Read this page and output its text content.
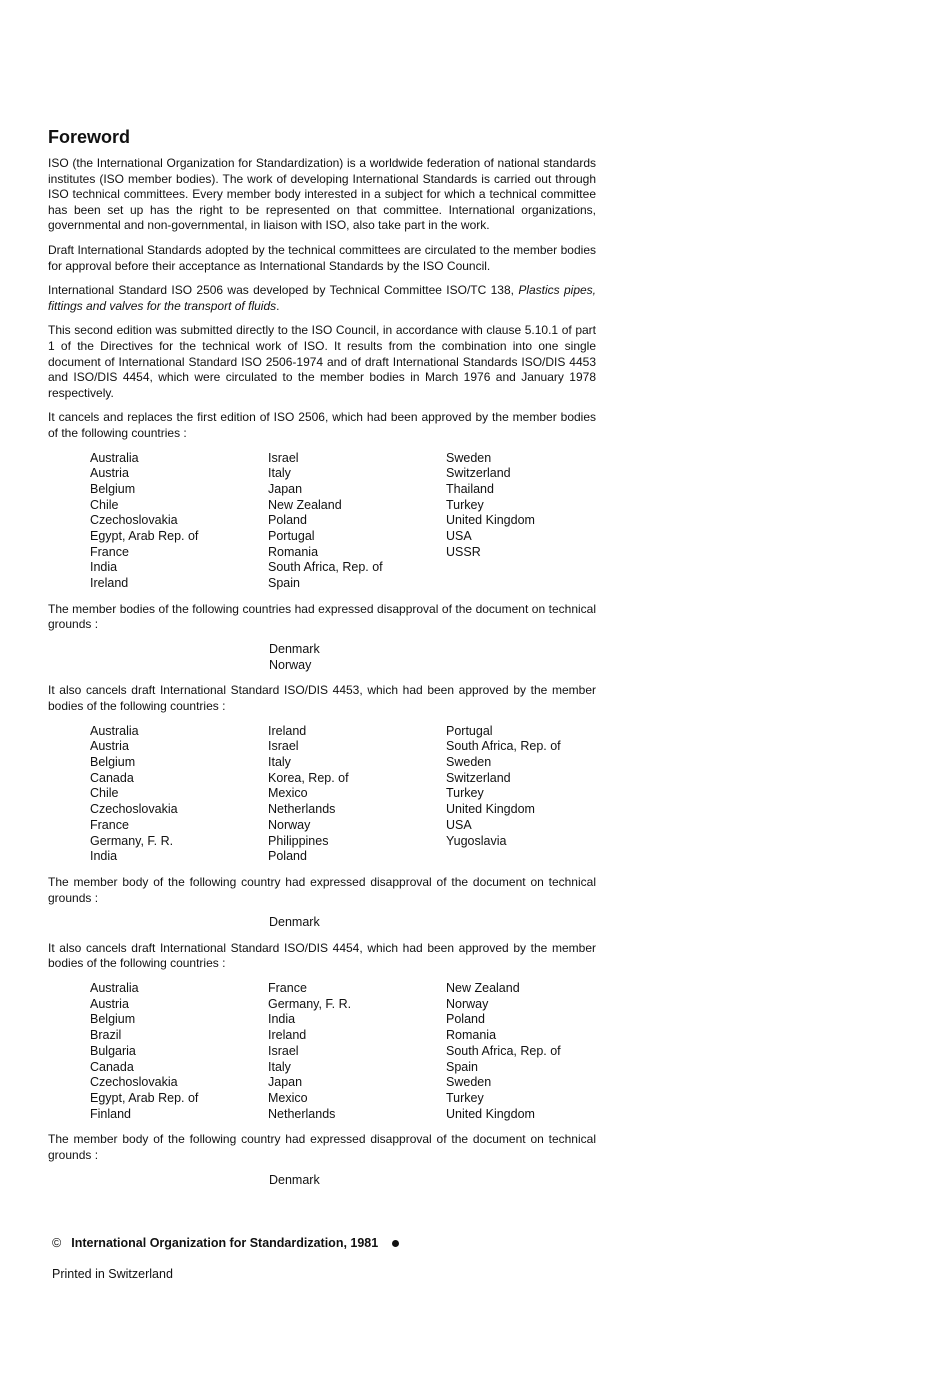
Foreword

ISO (the International Organization for Standardization) is a worldwide federation of national standards institutes (ISO member bodies). The work of developing International Standards is carried out through ISO technical committees. Every member body interested in a subject for which a technical committee has been set up has the right to be represented on that committee. International organizations, governmental and non-governmental, in liaison with ISO, also take part in the work.

Draft International Standards adopted by the technical committees are circulated to the member bodies for approval before their acceptance as International Standards by the ISO Council.

International Standard ISO 2506 was developed by Technical Committee ISO/TC 138, Plastics pipes, fittings and valves for the transport of fluids.

This second edition was submitted directly to the ISO Council, in accordance with clause 5.10.1 of part 1 of the Directives for the technical work of ISO. It results from the combination into one single document of International Standard ISO 2506-1974 and of draft International Standards ISO/DIS 4453 and ISO/DIS 4454, which were circulated to the member bodies in March 1976 and January 1978 respectively.

It cancels and replaces the first edition of ISO 2506, which had been approved by the member bodies of the following countries :

Australia
Austria
Belgium
Chile
Czechoslovakia
Egypt, Arab Rep. of
France
India
Ireland
Israel
Italy
Japan
New Zealand
Poland
Portugal
Romania
South Africa, Rep. of
Spain
Sweden
Switzerland
Thailand
Turkey
United Kingdom
USA
USSR

The member bodies of the following countries had expressed disapproval of the document on technical grounds :

Denmark
Norway

It also cancels draft International Standard ISO/DIS 4453, which had been approved by the member bodies of the following countries :

Australia
Austria
Belgium
Canada
Chile
Czechoslovakia
France
Germany, F. R.
India
Ireland
Israel
Italy
Korea, Rep. of
Mexico
Netherlands
Norway
Philippines
Poland
Portugal
South Africa, Rep. of
Sweden
Switzerland
Turkey
United Kingdom
USA
Yugoslavia

The member body of the following country had expressed disapproval of the document on technical grounds :

Denmark

It also cancels draft International Standard ISO/DIS 4454, which had been approved by the member bodies of the following countries :

Australia
Austria
Belgium
Brazil
Bulgaria
Canada
Czechoslovakia
Egypt, Arab Rep. of
Finland
France
Germany, F. R.
India
Ireland
Israel
Italy
Japan
Mexico
Netherlands
New Zealand
Norway
Poland
Romania
South Africa, Rep. of
Spain
Sweden
Turkey
United Kingdom

The member body of the following country had expressed disapproval of the document on technical grounds :

Denmark
© International Organization for Standardization, 1981
Printed in Switzerland
